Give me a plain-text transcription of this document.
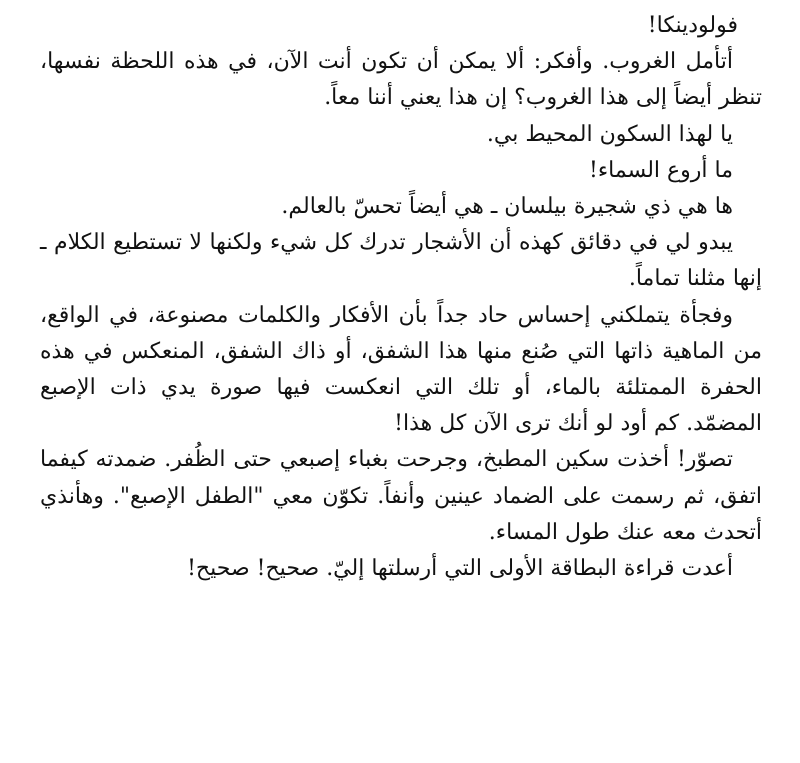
فولودينكا!

أتأمل الغروب. وأفكر: ألا يمكن أن تكون أنت الآن، في هذه اللحظة نفسها، تنظر أيضاً إلى هذا الغروب؟ إن هذا يعني أننا معاً.

يا لهذا السكون المحيط بي.

ما أروع السماء!

ها هي ذي شجيرة بيلسان ـ هي أيضاً تحسّ بالعالم.

يبدو لي في دقائق كهذه أن الأشجار تدرك كل شيء ولكنها لا تستطيع الكلام ـ إنها مثلنا تماماً.

وفجأة يتملكني إحساس حاد جداً بأن الأفكار والكلمات مصنوعة، في الواقع، من الماهية ذاتها التي صُنع منها هذا الشفق، أو ذاك الشفق، المنعكس في هذه الحفرة الممتلئة بالماء، أو تلك التي انعكست فيها صورة يدي ذات الإصبع المضمّد. كم أود لو أنك ترى الآن كل هذا!

تصوّر! أخذت سكين المطبخ، وجرحت بغباء إصبعي حتى الظُفر. ضمدته كيفما اتفق، ثم رسمت على الضماد عينين وأنفاً. تكوّن معي "الطفل الإصبع". وهأنذي أتحدث معه عنك طول المساء.

أعدت قراءة البطاقة الأولى التي أرسلتها إليّ. صحيح! صحيح!
